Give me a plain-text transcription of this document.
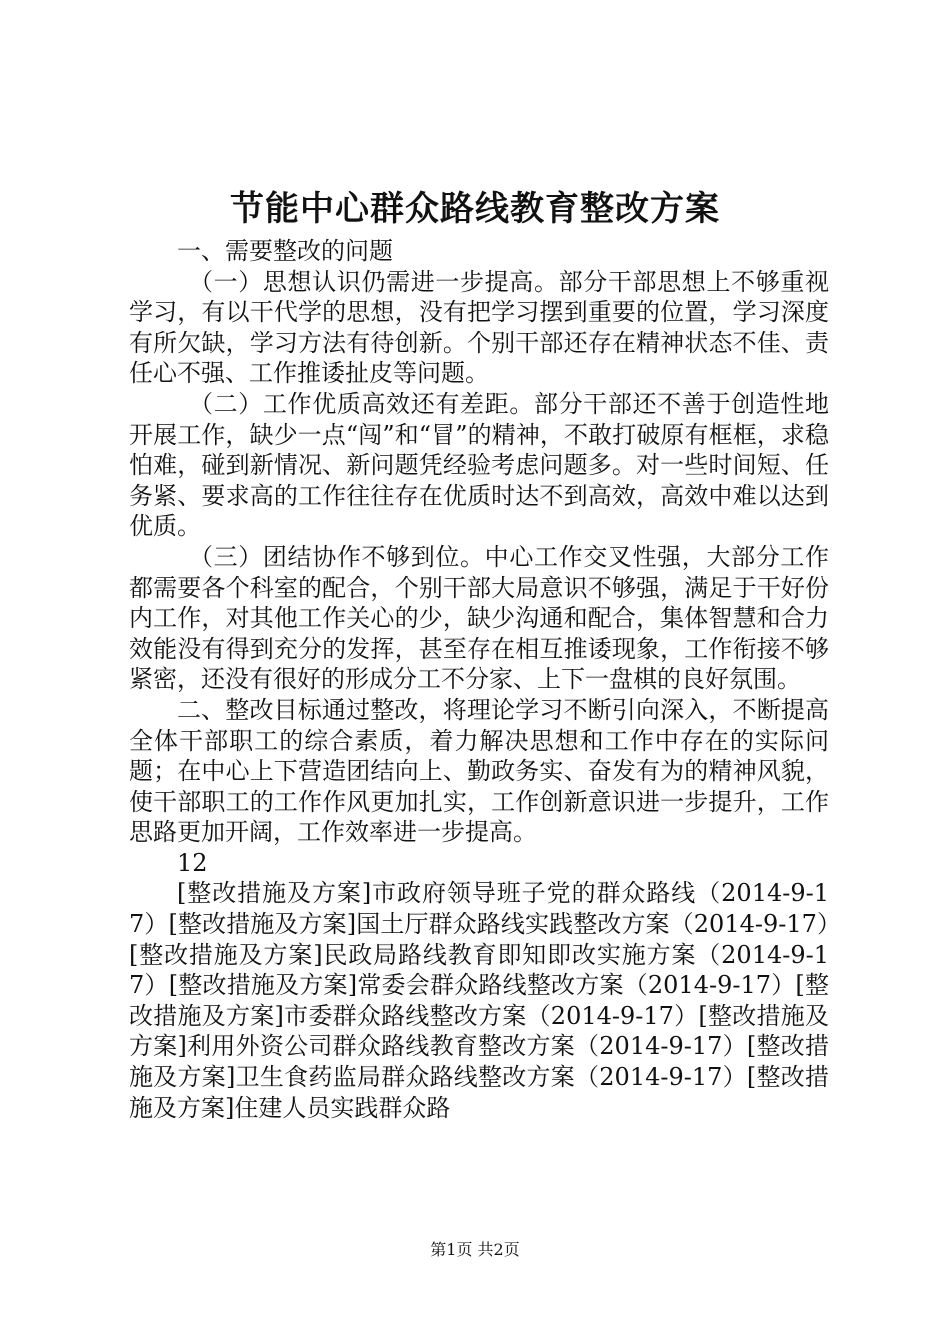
节能中心群众路线教育整改方案

一、需要整改的问题

（一）思想认识仍需进一步提高。部分干部思想上不够重视学习，有以干代学的思想，没有把学习摆到重要的位置，学习深度有所欠缺，学习方法有待创新。个别干部还存在精神状态不佳、责任心不强、工作推诿扯皮等问题。

（二）工作优质高效还有差距。部分干部还不善于创造性地开展工作，缺少一点“闯”和“冒”的精神，不敢打破原有框框，求稳怕难，碰到新情况、新问题凭经验考虑问题多。对一些时间短、任务紧、要求高的工作往往存在优质时达不到高效，高效中难以达到优质。

（三）团结协作不够到位。中心工作交叉性强，大部分工作都需要各个科室的配合，个别干部大局意识不够强，满足于干好份内工作，对其他工作关心的少，缺少沟通和配合，集体智慧和合力效能没有得到充分的发挥，甚至存在相互推诿现象，工作衔接不够紧密，还没有很好的形成分工不分家、上下一盘棋的良好氛围。

二、整改目标通过整改，将理论学习不断引向深入，不断提高全体干部职工的综合素质，着力解决思想和工作中存在的实际问题；在中心上下营造团结向上、勤政务实、奋发有为的精神风貌，使干部职工的工作作风更加扎实，工作创新意识进一步提升，工作思路更加开阔，工作效率进一步提高。

12

[整改措施及方案]市政府领导班子党的群众路线（2014-9-17）[整改措施及方案]国土厅群众路线实践整改方案（2014-9-17）[整改措施及方案]民政局路线教育即知即改实施方案（2014-9-17）[整改措施及方案]常委会群众路线整改方案（2014-9-17）[整改措施及方案]市委群众路线整改方案（2014-9-17）[整改措施及方案]利用外资公司群众路线教育整改方案（2014-9-17）[整改措施及方案]卫生食药监局群众路线整改方案（2014-9-17）[整改措施及方案]住建人员实践群众路

第1页 共2页
